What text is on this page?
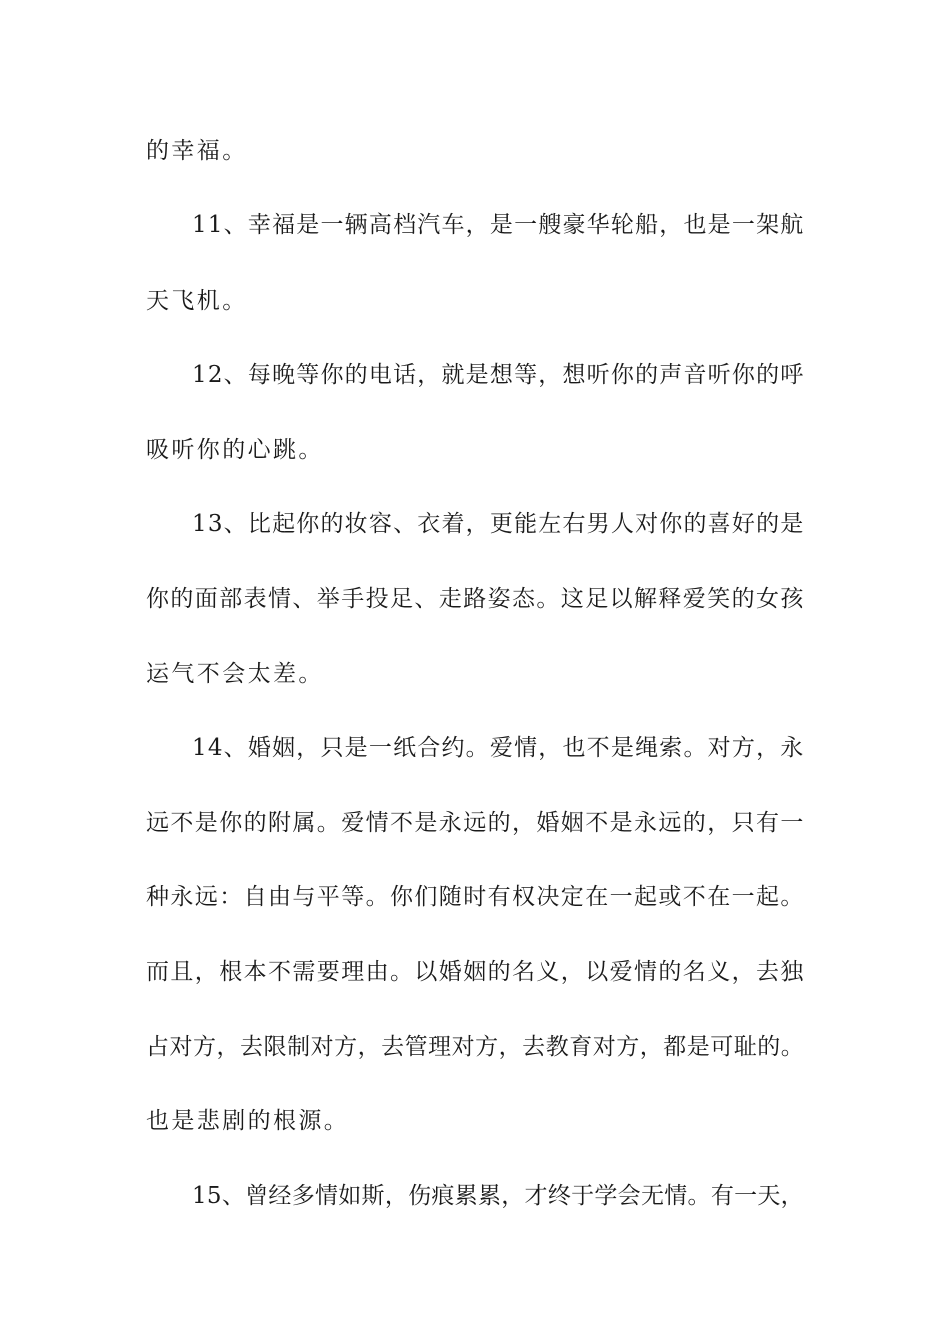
的幸福。
11、幸福是一辆高档汽车，是一艘豪华轮船，也是一架航
天飞机。
12、每晚等你的电话，就是想等，想听你的声音听你的呼
吸听你的心跳。
13、比起你的妆容、衣着，更能左右男人对你的喜好的是
你的面部表情、举手投足、走路姿态。这足以解释爱笑的女孩
运气不会太差。
14、婚姻，只是一纸合约。爱情，也不是绳索。对方，永
远不是你的附属。爱情不是永远的，婚姻不是永远的，只有一
种永远：自由与平等。你们随时有权决定在一起或不在一起。
而且，根本不需要理由。以婚姻的名义，以爱情的名义，去独
占对方，去限制对方，去管理对方，去教育对方，都是可耻的。
也是悲剧的根源。
15、曾经多情如斯，伤痕累累，才终于学会无情。有一天，
